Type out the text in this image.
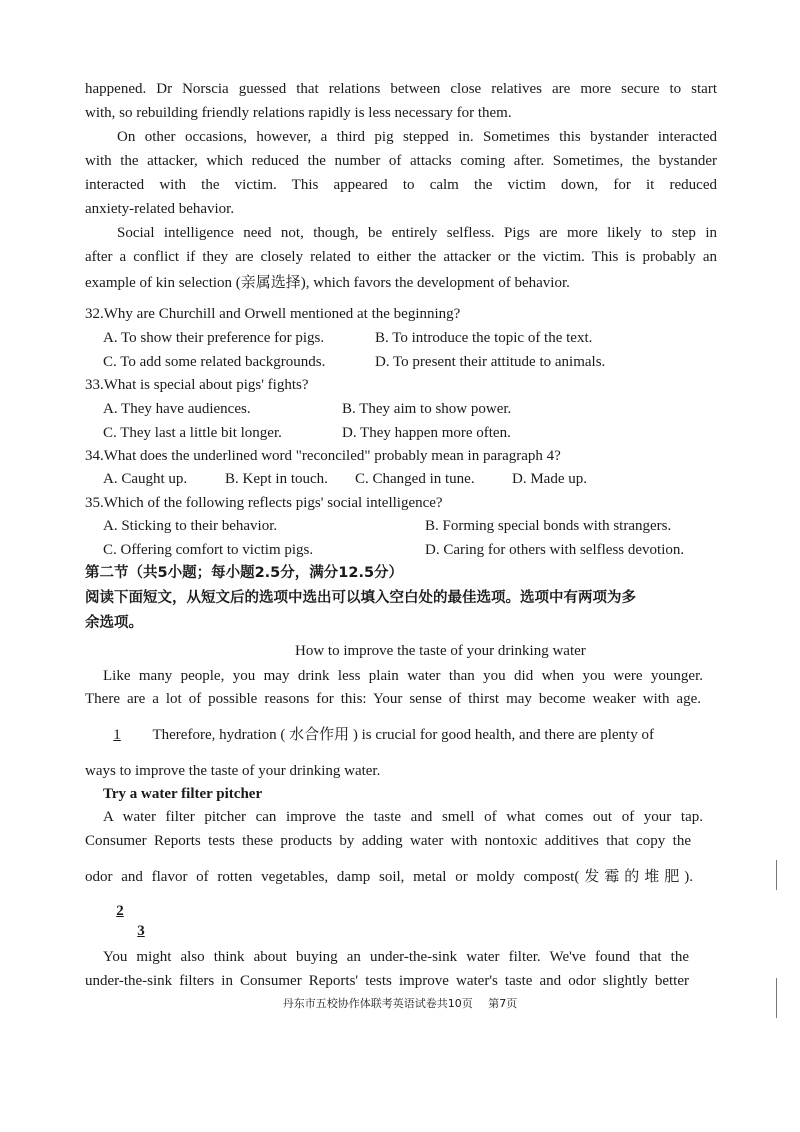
happened. Dr Norscia guessed that relations between close relatives are more secure to start
with, so rebuilding friendly relations rapidly is less necessary for them.
On other occasions, however, a third pig stepped in. Sometimes this bystander interacted
with the attacker, which reduced the number of attacks coming after. Sometimes, the bystander
interacted with the victim. This appeared to calm the victim down, for it reduced
anxiety-related behavior.
Social intelligence need not, though, be entirely selfless. Pigs are more likely to step in
after a conflict if they are closely related to either the attacker or the victim. This is probably an
example of kin selection (亲属选择), which favors the development of behavior.
32.Why are Churchill and Orwell mentioned at the beginning?
A. To show their preference for pigs.	B. To introduce the topic of the text.
C. To add some related backgrounds.	D. To present their attitude to animals.
33.What is special about pigs' fights?
A. They have audiences.	B. They aim to show power.
C. They last a little bit longer.	D. They happen more often.
34.What does the underlined word "reconciled" probably mean in paragraph 4?
A. Caught up.	B. Kept in touch. C. Changed in tune. D. Made up.
35.Which of the following reflects pigs' social intelligence?
A. Sticking to their behavior.	B. Forming special bonds with strangers.
C. Offering comfort to victim pigs.	D. Caring for others with selfless devotion.
第二节（共5小题；每小题2.5分，满分12.5分）
阅读下面短文，从短文后的选项中选出可以填入空白处的最佳选项。选项中有两项为多
余选项。
How to improve the taste of your drinking water
Like many people, you may drink less plain water than you did when you were younger.
There are a lot of possible reasons for this: Your sense of thirst may become weaker with age.
1 Therefore, hydration ( 水合作用 ) is crucial for good health, and there are plenty of
ways to improve the taste of your drinking water.
Try a water filter pitcher
A water filter pitcher can improve the taste and smell of what comes out of your tap.
Consumer Reports tests these products by adding water with nontoxic additives that copy the
odor and flavor of rotten vegetables, damp soil, metal or moldy compost(发霉的堆肥).
2
3
You might also think about buying an under-the-sink water filter. We've found that the
under-the-sink filters in Consumer Reports' tests improve water's taste and odor slightly better
丹东市五校协作体联考英语试卷共10页 第7页
